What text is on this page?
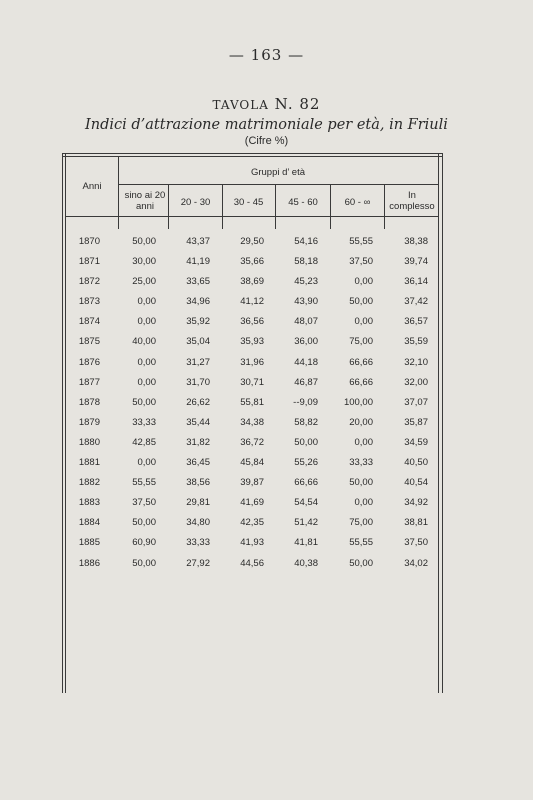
— 163 —
TAVOLA N. 82
Indici d’attrazione matrimoniale per età, in Friuli
(Cifre %)
Anni
Gruppi d’ età
sino ai 20 anni	20 - 30	30 - 45	45 - 60	60 - ∞
In complesso
1870	50,00	43,37	29,50	54,16	55,55	38,38
1871	30,00	41,19	35,66	58,18	37,50	39,74
1872	25,00	33,65	38,69	45,23	0,00	36,14
1873	0,00	34,96	41,12	43,90	50,00	37,42
1874	0,00	35,92	36,56	48,07	0,00	36,57
1875	40,00	35,04	35,93	36,00	75,00	35,59
1876	0,00	31,27	31,96	44,18	66,66	32,10
1877	0,00	31,70	30,71	46,87	66,66	32,00
1878	50,00	26,62	55,81	--9,09	100,00	37,07
1879	33,33	35,44	34,38	58,82	20,00	35,87
1880	42,85	31,82	36,72	50,00	0,00	34,59
1881	0,00	36,45	45,84	55,26	33,33	40,50
1882	55,55	38,56	39,87	66,66	50,00	40,54
1883	37,50	29,81	41,69	54,54	0,00	34,92
1884	50,00	34,80	42,35	51,42	75,00	38,81
1885	60,90	33,33	41,93	41,81	55,55	37,50
1886	50,00	27,92	44,56	40,38	50,00	34,02
